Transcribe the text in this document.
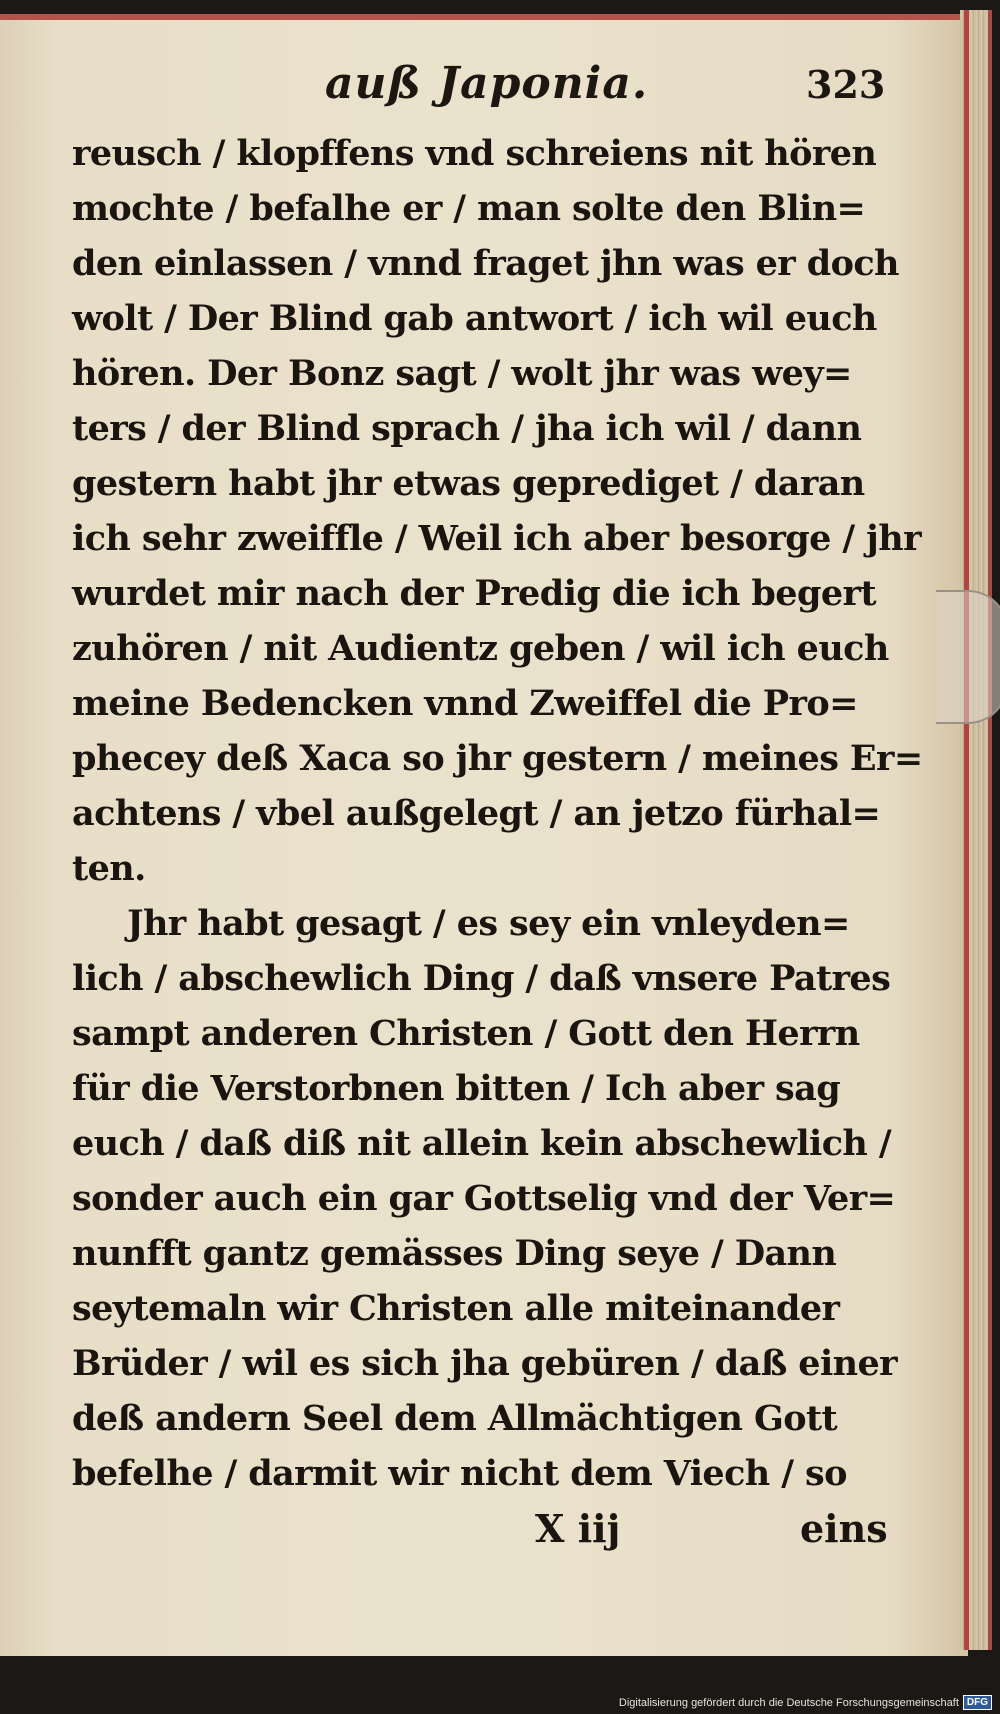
auß Japonia.	323
reusch / klopffens vnd schreiens nit hören
mochte / befalhe er / man solte den Blin=
den einlassen / vnnd fraget jhn was er doch
wolt / Der Blind gab antwort / ich wil euch
hören. Der Bonz sagt / wolt jhr was wey=
ters / der Blind sprach / jha ich wil / dann
gestern habt jhr etwas geprediget / daran
ich sehr zweiffle / Weil ich aber besorge / jhr
wurdet mir nach der Predig die ich begert
zuhören / nit Audientz geben / wil ich euch
meine Bedencken vnnd Zweiffel die Pro=
phecey deß Xaca so jhr gestern / meines Er=
achtens / vbel außgelegt / an jetzo fürhal=
ten.
Jhr habt gesagt / es sey ein vnleyden=
lich / abschewlich Ding / daß vnsere Patres
sampt anderen Christen / Gott den Herrn
für die Verstorbnen bitten / Ich aber sag
euch / daß diß nit allein kein abschewlich /
sonder auch ein gar Gottselig vnd der Ver=
nunfft gantz gemässes Ding seye / Dann
seytemaln wir Christen alle miteinander
Brüder / wil es sich jha gebüren / daß einer
deß andern Seel dem Allmächtigen Gott
befelhe / darmit wir nicht dem Viech / so
X iij	eins
Digitalisierung gefördert durch die Deutsche Forschungsgemeinschaft DFG
